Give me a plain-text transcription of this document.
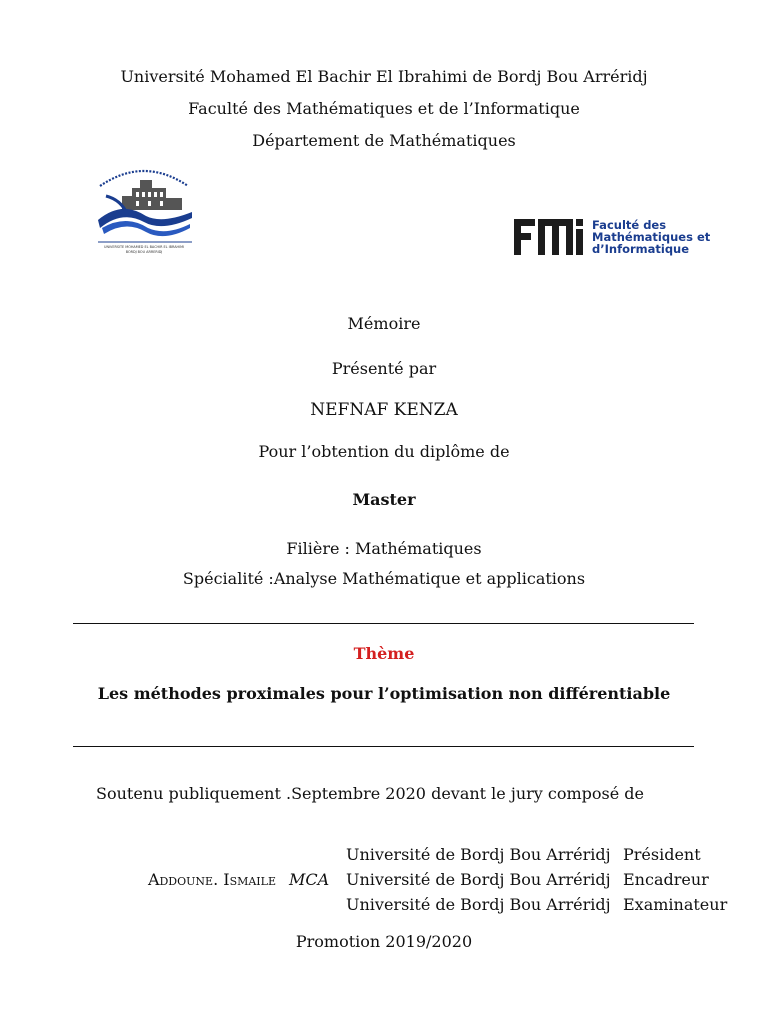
Université Mohamed El Bachir El Ibrahimi de Bordj Bou Arréridj
Faculté des Mathématiques et de l’Informatique
Département de Mathématiques
UNIVERSITE MOHAMED EL BACHIR EL IBRAHIMI
BORDJ BOU ARRERIDJ
Faculté des
Mathématiques et
d’Informatique
Mémoire
Présenté par
NEFNAF KENZA
Pour l’obtention du diplôme de
Master
Filière : Mathématiques
Spécialité :Analyse Mathématique et applications
Thème
Les méthodes proximales pour l’optimisation non différentiable
Soutenu publiquement .Septembre 2020 devant le jury composé de
Université de Bordj Bou Arréridj Président
Addoune. Ismaile MCA Université de Bordj Bou Arréridj Encadreur
Université de Bordj Bou Arréridj Examinateur
Promotion 2019/2020
